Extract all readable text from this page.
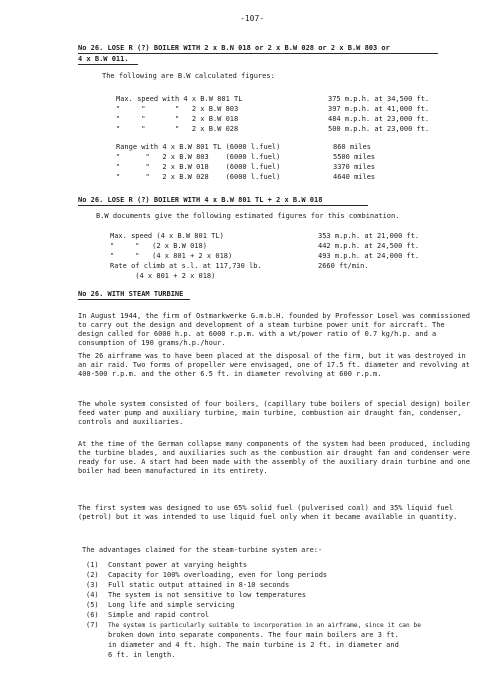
-107-
No 26. LOSE R (?) BOILER WITH 2 x B.N 018 or 2 x B.W 028 or 2 x B.W 803 or
4 x B.W 011.
The following are B.W calculated figures:
Max. speed with 4 x B.W 801 TL	375 m.p.h. at 34,500 ft.
"     "       "   2 x B.W 803	397 m.p.h. at 41,000 ft.
"     "       "   2 x B.W 018	484 m.p.h. at 23,000 ft.
"     "       "   2 x B.W 028	500 m.p.h. at 23,000 ft.
Range with 4 x B.W 801 TL (6000 l.fuel)	860 miles
"      "   2 x B.W 803    (6000 l.fuel)	5500 miles
"      "   2 x B.W 018    (6000 l.fuel)	3370 miles
"      "   2 x B.W 028    (6000 l.fuel)	4640 miles
No 26. LOSE R (?) BOILER WITH 4 x B.W 801 TL + 2 x B.W 018
B.W documents give the following estimated figures for this combination.
Max. speed (4 x B.W 801 TL)	353 m.p.h. at 21,000 ft.
"     "   (2 x B.W 018)	442 m.p.h. at 24,500 ft.
"     "   (4 x 801 + 2 x 018)	493 m.p.h. at 24,000 ft.
Rate of climb at s.l. at 117,730 lb.	2660 ft/min.
(4 x 801 + 2 x 018)
No 26. WITH STEAM TURBINE
In August 1944, the firm of Ostmarkwerke G.m.b.H. founded by Professor Losel was commissioned to carry out the design and development of a steam turbine power unit for aircraft. The design called for 6000 h.p. at 6000 r.p.m. with a wt/power ratio of 0.7 kg/h.p. and a consumption of 190 grams/h.p./hour.
The 26 airframe was to have been placed at the disposal of the firm, but it was destroyed in an air raid. Two forms of propeller were envisaged, one of 17.5 ft. diameter and revolving at 400-500 r.p.m. and the other 6.5 ft. in diameter revolving at 600 r.p.m.
The whole system consisted of four boilers, (capillary tube boilers of special design) boiler feed water pump and auxiliary turbine, main turbine, combustion air draught fan, condenser, controls and auxiliaries.
At the time of the German collapse many components of the system had been produced, including the turbine blades, and auxiliaries such as the combustion air draught fan and condenser were ready for use. A start had been made with the assembly of the auxiliary drain turbine and one boiler had been manufactured in its entirety.
The first system was designed to use 65% solid fuel (pulverised coal) and 35% liquid fuel (petrol) but it was intended to use liquid fuel only when it became available in quantity.
The advantages claimed for the steam-turbine system are:-
(1) Constant power at varying heights
(2) Capacity for 100% overloading, even for long periods
(3) Full static output attained in 8-10 seconds
(4) The system is not sensitive to low temperatures
(5) Long life and simple servicing
(6) Simple and rapid control
(7) The system is particularly suitable to incorporation in an airframe, since it can be
broken down into separate components. The four main boilers are 3 ft.
in diameter and 4 ft. high. The main turbine is 2 ft. in diameter and
6 ft. in length.
